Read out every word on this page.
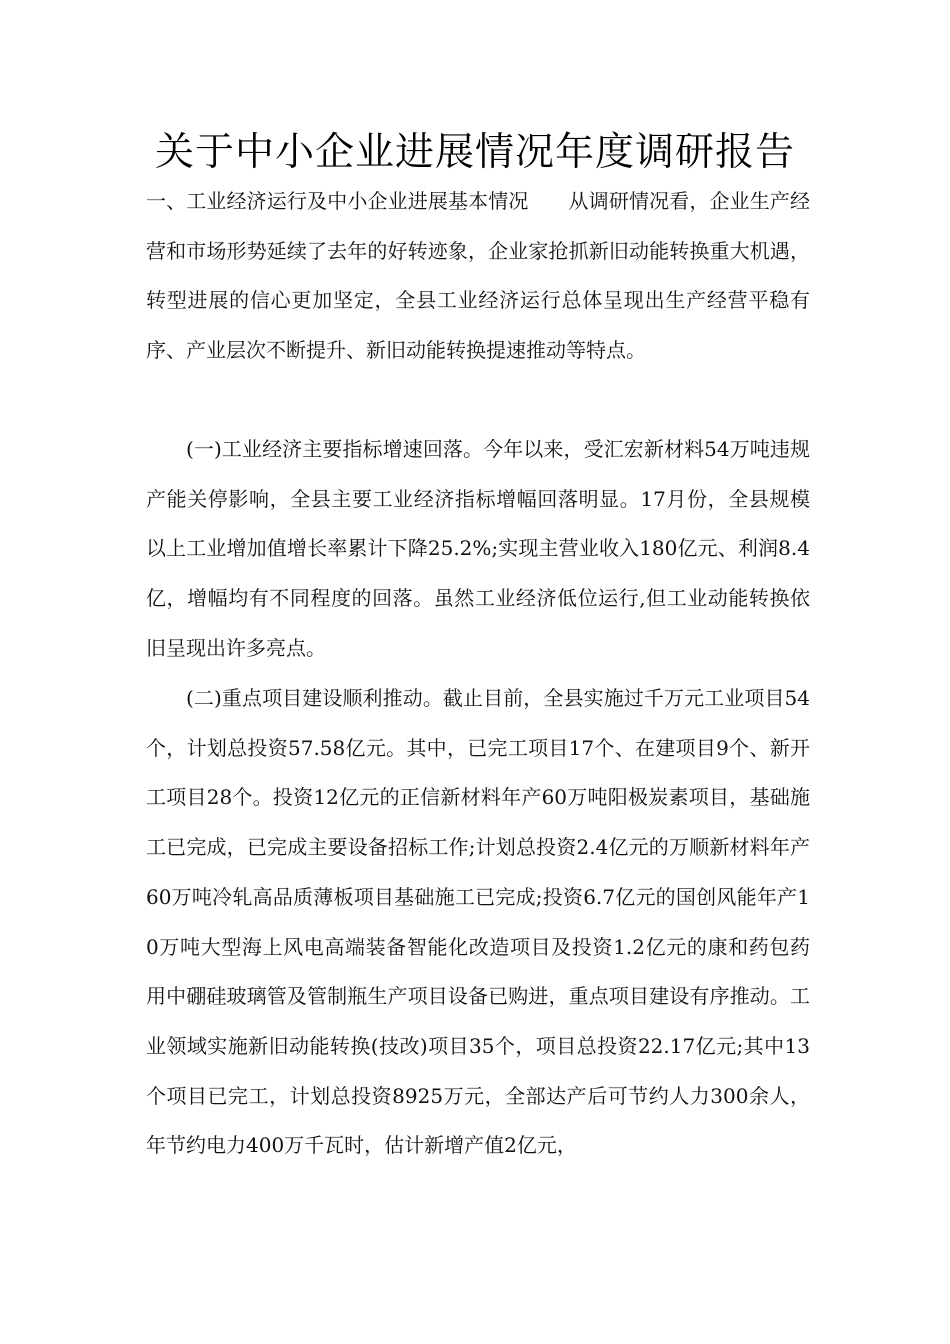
关于中小企业进展情况年度调研报告

一、工业经济运行及中小企业进展基本情况 从调研情况看，企业生产经营和市场形势延续了去年的好转迹象，企业家抢抓新旧动能转换重大机遇，转型进展的信心更加坚定，全县工业经济运行总体呈现出生产经营平稳有序、产业层次不断提升、新旧动能转换提速推动等特点。

(一)工业经济主要指标增速回落。今年以来，受汇宏新材料54万吨违规产能关停影响，全县主要工业经济指标增幅回落明显。17月份，全县规模以上工业增加值增长率累计下降25.2%;实现主营业收入180亿元、利润8.4亿，增幅均有不同程度的回落。虽然工业经济低位运行,但工业动能转换依旧呈现出许多亮点。

(二)重点项目建设顺利推动。截止目前，全县实施过千万元工业项目54个，计划总投资57.58亿元。其中，已完工项目17个、在建项目9个、新开工项目28个。投资12亿元的正信新材料年产60万吨阳极炭素项目，基础施工已完成，已完成主要设备招标工作;计划总投资2.4亿元的万顺新材料年产60万吨冷轧高品质薄板项目基础施工已完成;投资6.7亿元的国创风能年产10万吨大型海上风电高端装备智能化改造项目及投资1.2亿元的康和药包药用中硼硅玻璃管及管制瓶生产项目设备已购进，重点项目建设有序推动。工业领域实施新旧动能转换(技改)项目35个，项目总投资22.17亿元;其中13个项目已完工，计划总投资8925万元，全部达产后可节约人力300余人，年节约电力400万千瓦时，估计新增产值2亿元，
